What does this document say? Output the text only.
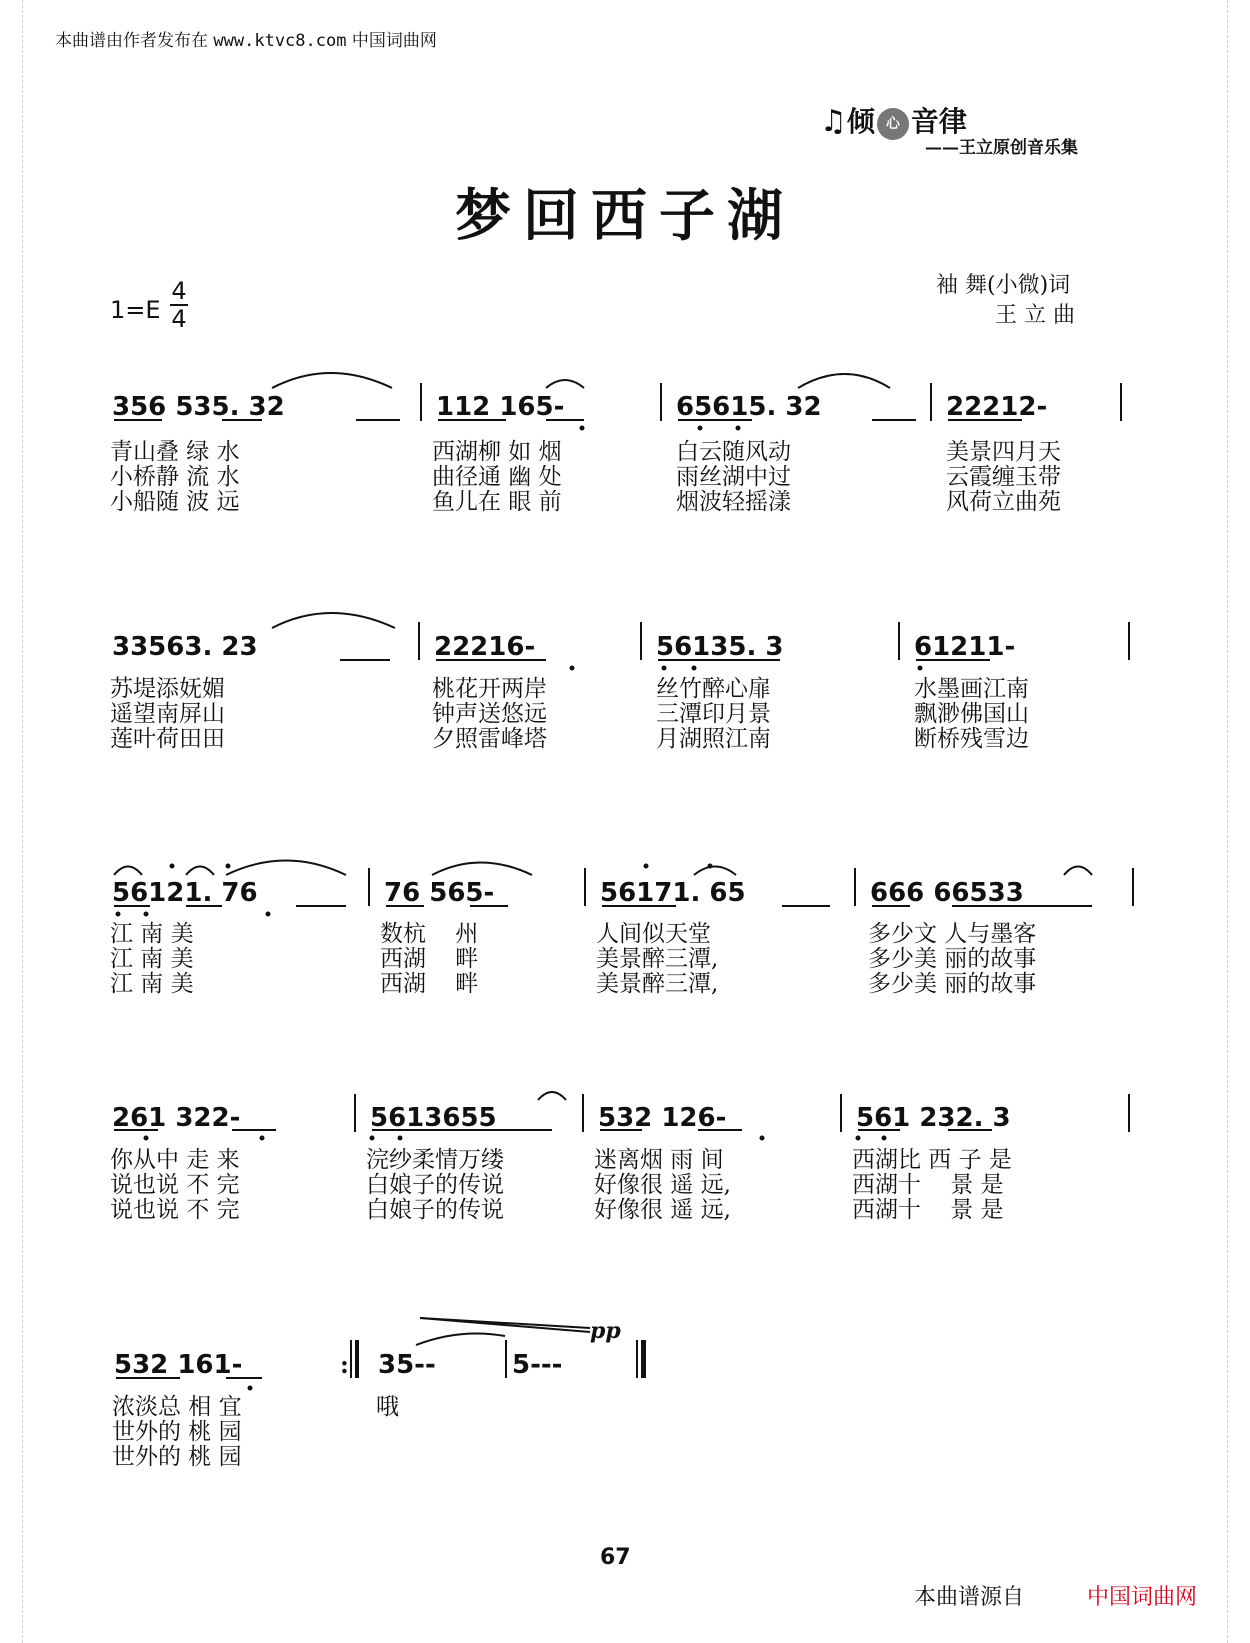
本曲谱由作者发布在 www.ktvc8.com 中国词曲网
♫倾 心 音律
——王立原创音乐集
梦回西子湖
1=E
4
4
袖 舞(小微)词
王 立 曲
356 535. 32	112 165-	65615. 32	22212-
青山叠 绿 水
小桥静 流 水
小船随 波 远
西湖柳 如 烟
曲径通 幽 处
鱼儿在 眼 前
白云随风动
雨丝湖中过
烟波轻摇漾
美景四月天
云霞缠玉带
风荷立曲苑
33563. 23	22216-	56135. 3	61211-
苏堤添妩媚
遥望南屏山
莲叶荷田田
桃花开两岸
钟声送悠远
夕照雷峰塔
丝竹醉心扉
三潭印月景
月湖照江南
水墨画江南
飘渺佛国山
断桥残雪边
56121. 76	76 565-	56171. 65	666 66533
江 南 美
江 南 美
江 南 美
数杭    州
西湖    畔
西湖    畔
人间似天堂
美景醉三潭,
美景醉三潭,
多少文 人与墨客
多少美 丽的故事
多少美 丽的故事
261 322-	5613655	532 126-	561 232. 3
你从中 走 来
说也说 不 完
说也说 不 完
浣纱柔情万缕
白娘子的传说
白娘子的传说
迷离烟 雨 间
好像很 遥 远,
好像很 遥 远,
西湖比 西 子 是
西湖十    景 是
西湖十    景 是
532 161-	35--	5---
:
pp
浓淡总 相 宜
世外的 桃 园
世外的 桃 园
哦
67
本曲谱源自	中国词曲网
